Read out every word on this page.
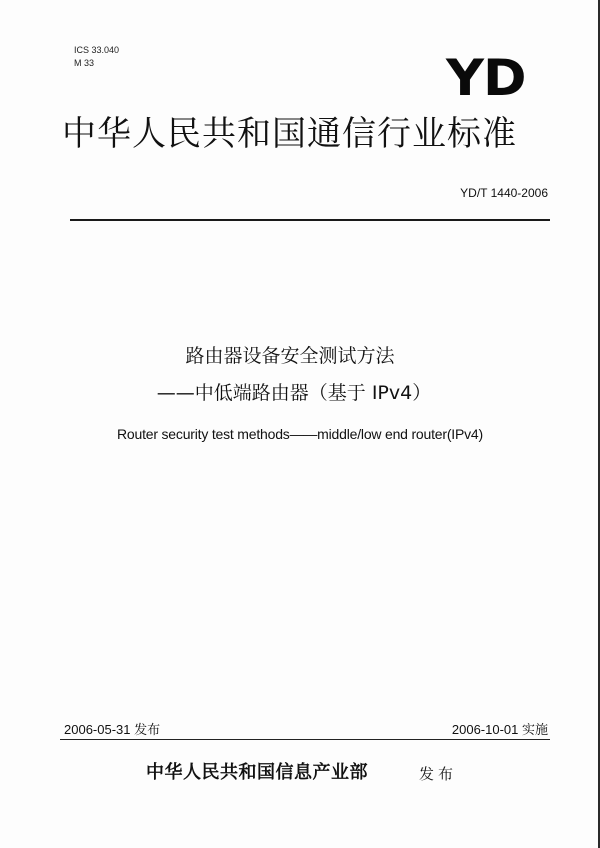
ICS 33.040
M 33	YD
中华人民共和国通信行业标准
YD/T 1440-2006
路由器设备安全测试方法
——中低端路由器（基于 IPv4）
Router security test methods——middle/low end router(IPv4)
2006-05-31 发布	2006-10-01 实施
中华人民共和国信息产业部	发布
